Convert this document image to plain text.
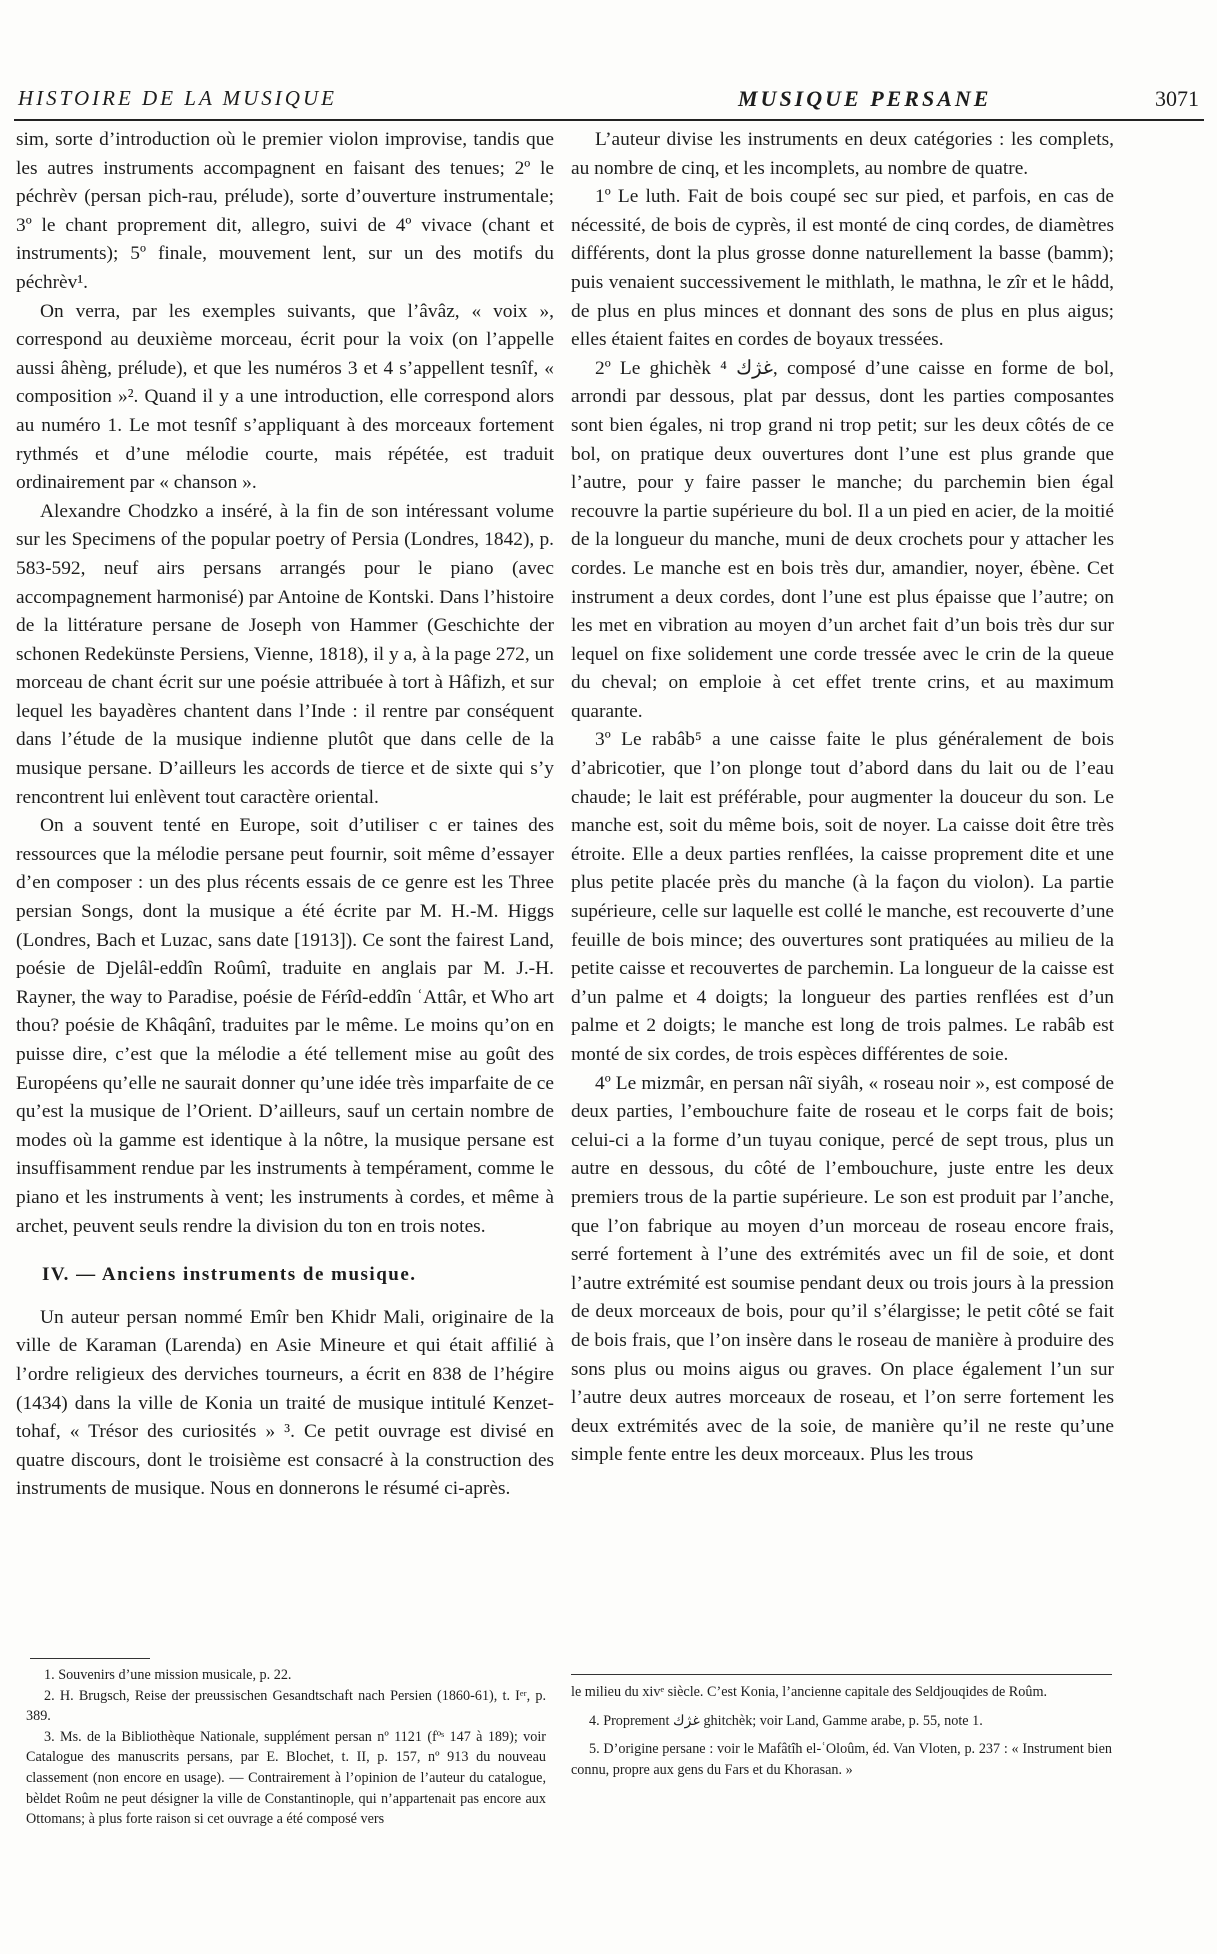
HISTOIRE DE LA MUSIQUE	MUSIQUE PERSANE	3071

sim, sorte d’introduction où le premier violon improvise, tandis que les autres instruments accompagnent en faisant des tenues; 2º le péchrèv (persan pich-rau, prélude), sorte d’ouverture instrumentale; 3º le chant proprement dit, allegro, suivi de 4º vivace (chant et instruments); 5º finale, mouvement lent, sur un des motifs du péchrèv¹.

On verra, par les exemples suivants, que l’âvâz, « voix », correspond au deuxième morceau, écrit pour la voix (on l’appelle aussi âhèng, prélude), et que les numéros 3 et 4 s’appellent tesnîf, « composition »². Quand il y a une introduction, elle correspond alors au numéro 1. Le mot tesnîf s’appliquant à des morceaux fortement rythmés et d’une mélodie courte, mais répétée, est traduit ordinairement par « chanson ».

Alexandre Chodzko a inséré, à la fin de son intéressant volume sur les Specimens of the popular poetry of Persia (Londres, 1842), p. 583-592, neuf airs persans arrangés pour le piano (avec accompagnement harmonisé) par Antoine de Kontski. Dans l’histoire de la littérature persane de Joseph von Hammer (Geschichte der schonen Redekünste Persiens, Vienne, 1818), il y a, à la page 272, un morceau de chant écrit sur une poésie attribuée à tort à Hâfizh, et sur lequel les bayadères chantent dans l’Inde : il rentre par conséquent dans l’étude de la musique indienne plutôt que dans celle de la musique persane. D’ailleurs les accords de tierce et de sixte qui s’y rencontrent lui enlèvent tout caractère oriental.

On a souvent tenté en Europe, soit d’utiliser c er taines des ressources que la mélodie persane peut fournir, soit même d’essayer d’en composer : un des plus récents essais de ce genre est les Three persian Songs, dont la musique a été écrite par M. H.-M. Higgs (Londres, Bach et Luzac, sans date [1913]). Ce sont the fairest Land, poésie de Djelâl-eddîn Roûmî, traduite en anglais par M. J.-H. Rayner, the way to Paradise, poésie de Férîd-eddîn ʿAttâr, et Who art thou? poésie de Khâqânî, traduites par le même. Le moins qu’on en puisse dire, c’est que la mélodie a été tellement mise au goût des Européens qu’elle ne saurait donner qu’une idée très imparfaite de ce qu’est la musique de l’Orient. D’ailleurs, sauf un certain nombre de modes où la gamme est identique à la nôtre, la musique persane est insuffisamment rendue par les instruments à tempérament, comme le piano et les instruments à vent; les instruments à cordes, et même à archet, peuvent seuls rendre la division du ton en trois notes.

IV. — Anciens instruments de musique.

Un auteur persan nommé Emîr ben Khidr Mali, originaire de la ville de Karaman (Larenda) en Asie Mineure et qui était affilié à l’ordre religieux des derviches tourneurs, a écrit en 838 de l’hégire (1434) dans la ville de Konia un traité de musique intitulé Kenzet-tohaf, « Trésor des curiosités » ³. Ce petit ouvrage est divisé en quatre discours, dont le troisième est consacré à la construction des instruments de musique. Nous en donnerons le résumé ci-après.

L’auteur divise les instruments en deux catégories : les complets, au nombre de cinq, et les incomplets, au nombre de quatre.

1º Le luth. Fait de bois coupé sec sur pied, et parfois, en cas de nécessité, de bois de cyprès, il est monté de cinq cordes, de diamètres différents, dont la plus grosse donne naturellement la basse (bamm); puis venaient successivement le mithlath, le mathna, le zîr et le hâdd, de plus en plus minces et donnant des sons de plus en plus aigus; elles étaient faites en cordes de boyaux tressées.

2º Le ghichèk غژك ⁴, composé d’une caisse en forme de bol, arrondi par dessous, plat par dessus, dont les parties composantes sont bien égales, ni trop grand ni trop petit; sur les deux côtés de ce bol, on pratique deux ouvertures dont l’une est plus grande que l’autre, pour y faire passer le manche; du parchemin bien égal recouvre la partie supérieure du bol. Il a un pied en acier, de la moitié de la longueur du manche, muni de deux crochets pour y attacher les cordes. Le manche est en bois très dur, amandier, noyer, ébène. Cet instrument a deux cordes, dont l’une est plus épaisse que l’autre; on les met en vibration au moyen d’un archet fait d’un bois très dur sur lequel on fixe solidement une corde tressée avec le crin de la queue du cheval; on emploie à cet effet trente crins, et au maximum quarante.

3º Le rabâb⁵ a une caisse faite le plus généralement de bois d’abricotier, que l’on plonge tout d’abord dans du lait ou de l’eau chaude; le lait est préférable, pour augmenter la douceur du son. Le manche est, soit du même bois, soit de noyer. La caisse doit être très étroite. Elle a deux parties renflées, la caisse proprement dite et une plus petite placée près du manche (à la façon du violon). La partie supérieure, celle sur laquelle est collé le manche, est recouverte d’une feuille de bois mince; des ouvertures sont pratiquées au milieu de la petite caisse et recouvertes de parchemin. La longueur de la caisse est d’un palme et 4 doigts; la longueur des parties renflées est d’un palme et 2 doigts; le manche est long de trois palmes. Le rabâb est monté de six cordes, de trois espèces différentes de soie.

4º Le mizmâr, en persan nâï siyâh, « roseau noir », est composé de deux parties, l’embouchure faite de roseau et le corps fait de bois; celui-ci a la forme d’un tuyau conique, percé de sept trous, plus un autre en dessous, du côté de l’embouchure, juste entre les deux premiers trous de la partie supérieure. Le son est produit par l’anche, que l’on fabrique au moyen d’un morceau de roseau encore frais, serré fortement à l’une des extrémités avec un fil de soie, et dont l’autre extrémité est soumise pendant deux ou trois jours à la pression de deux morceaux de bois, pour qu’il s’élargisse; le petit côté se fait de bois frais, que l’on insère dans le roseau de manière à produire des sons plus ou moins aigus ou graves. On place également l’un sur l’autre deux autres morceaux de roseau, et l’on serre fortement les deux extrémités avec de la soie, de manière qu’il ne reste qu’une simple fente entre les deux morceaux. Plus les trous

1. Souvenirs d’une mission musicale, p. 22.

2. H. Brugsch, Reise der preussischen Gesandtschaft nach Persien (1860-61), t. Iᵉʳ, p. 389.

3. Ms. de la Bibliothèque Nationale, supplément persan nº 1121 (fºˢ 147 à 189); voir Catalogue des manuscrits persans, par E. Blochet, t. II, p. 157, nº 913 du nouveau classement (non encore en usage). — Contrairement à l’opinion de l’auteur du catalogue, bèldet Roûm ne peut désigner la ville de Constantinople, qui n’appartenait pas encore aux Ottomans; à plus forte raison si cet ouvrage a été composé vers

le milieu du xivᵉ siècle. C’est Konia, l’ancienne capitale des Seldjouqides de Roûm.

4. Proprement غژك ghitchèk; voir Land, Gamme arabe, p. 55, note 1.

5. D’origine persane : voir le Mafâtîh el-ʿOloûm, éd. Van Vloten, p. 237 : « Instrument bien connu, propre aux gens du Fars et du Khorasan. »
